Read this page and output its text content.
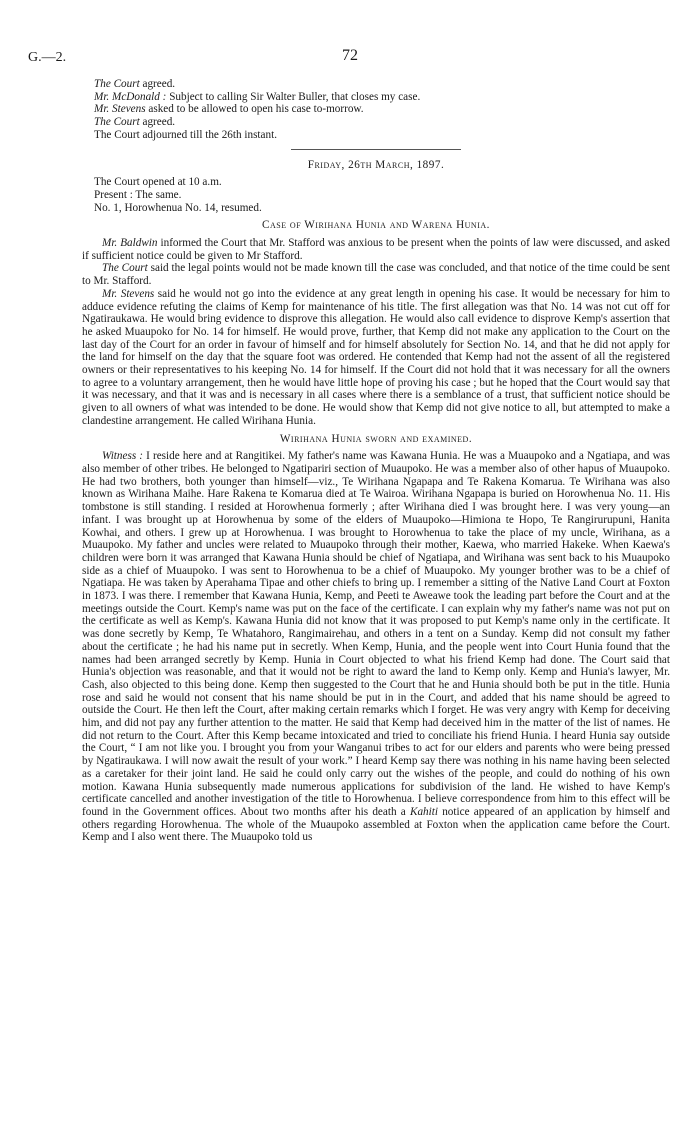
G.—2.	72

The Court agreed.

Mr. McDonald : Subject to calling Sir Walter Buller, that closes my case.

Mr. Stevens asked to be allowed to open his case to-morrow.

The Court agreed.

The Court adjourned till the 26th instant.

Friday, 26th March, 1897.

The Court opened at 10 a.m.

Present : The same.

No. 1, Horowhenua No. 14, resumed.

Case of Wirihana Hunia and Warena Hunia.

Mr. Baldwin informed the Court that Mr. Stafford was anxious to be present when the points of law were discussed, and asked if sufficient notice could be given to Mr Stafford.

The Court said the legal points would not be made known till the case was concluded, and that notice of the time could be sent to Mr. Stafford.

Mr. Stevens said he would not go into the evidence at any great length in opening his case. It would be necessary for him to adduce evidence refuting the claims of Kemp for maintenance of his title. The first allegation was that No. 14 was not cut off for Ngatiraukawa. He would bring evidence to disprove this allegation. He would also call evidence to disprove Kemp's assertion that he asked Muaupoko for No. 14 for himself. He would prove, further, that Kemp did not make any application to the Court on the last day of the Court for an order in favour of himself and for himself absolutely for Section No. 14, and that he did not apply for the land for himself on the day that the square foot was ordered. He contended that Kemp had not the assent of all the registered owners or their representatives to his keeping No. 14 for himself. If the Court did not hold that it was necessary for all the owners to agree to a voluntary arrangement, then he would have little hope of proving his case ; but he hoped that the Court would say that it was necessary, and that it was and is necessary in all cases where there is a semblance of a trust, that sufficient notice should be given to all owners of what was intended to be done. He would show that Kemp did not give notice to all, but attempted to make a clandestine arrangement. He called Wirihana Hunia.

Wirihana Hunia sworn and examined.

Witness : I reside here and at Rangitikei. My father's name was Kawana Hunia. He was a Muaupoko and a Ngatiapa, and was also member of other tribes. He belonged to Ngatipariri section of Muaupoko. He was a member also of other hapus of Muaupoko. He had two brothers, both younger than himself—viz., Te Wirihana Ngapapa and Te Rakena Komarua. Te Wirihana was also known as Wirihana Maihe. Hare Rakena te Komarua died at Te Wairoa. Wirihana Ngapapa is buried on Horowhenua No. 11. His tombstone is still standing. I resided at Horowhenua formerly ; after Wirihana died I was brought here. I was very young—an infant. I was brought up at Horowhenua by some of the elders of Muaupoko—Himiona te Hopo, Te Rangirurupuni, Hanita Kowhai, and others. I grew up at Horowhenua. I was brought to Horowhenua to take the place of my uncle, Wirihana, as a Muaupoko. My father and uncles were related to Muaupoko through their mother, Kaewa, who married Hakeke. When Kaewa's children were born it was arranged that Kawana Hunia should be chief of Ngatiapa, and Wirihana was sent back to his Muaupoko side as a chief of Muaupoko. I was sent to Horowhenua to be a chief of Muaupoko. My younger brother was to be a chief of Ngatiapa. He was taken by Aperahama Tipae and other chiefs to bring up. I remember a sitting of the Native Land Court at Foxton in 1873. I was there. I remember that Kawana Hunia, Kemp, and Peeti te Aweawe took the leading part before the Court and at the meetings outside the Court. Kemp's name was put on the face of the certificate. I can explain why my father's name was not put on the certificate as well as Kemp's. Kawana Hunia did not know that it was proposed to put Kemp's name only in the certificate. It was done secretly by Kemp, Te Whatahoro, Rangimairehau, and others in a tent on a Sunday. Kemp did not consult my father about the certificate ; he had his name put in secretly. When Kemp, Hunia, and the people went into Court Hunia found that the names had been arranged secretly by Kemp. Hunia in Court objected to what his friend Kemp had done. The Court said that Hunia's objection was reasonable, and that it would not be right to award the land to Kemp only. Kemp and Hunia's lawyer, Mr. Cash, also objected to this being done. Kemp then suggested to the Court that he and Hunia should both be put in the title. Hunia rose and said he would not consent that his name should be put in in the Court, and added that his name should be agreed to outside the Court. He then left the Court, after making certain remarks which I forget. He was very angry with Kemp for deceiving him, and did not pay any further attention to the matter. He said that Kemp had deceived him in the matter of the list of names. He did not return to the Court. After this Kemp became intoxicated and tried to conciliate his friend Hunia. I heard Hunia say outside the Court, “ I am not like you. I brought you from your Wanganui tribes to act for our elders and parents who were being pressed by Ngatiraukawa. I will now await the result of your work.” I heard Kemp say there was nothing in his name having been selected as a caretaker for their joint land. He said he could only carry out the wishes of the people, and could do nothing of his own motion. Kawana Hunia subsequently made numerous applications for subdivision of the land. He wished to have Kemp's certificate cancelled and another investigation of the title to Horowhenua. I believe correspondence from him to this effect will be found in the Government offices. About two months after his death a Kahiti notice appeared of an application by himself and others regarding Horowhenua. The whole of the Muaupoko assembled at Foxton when the application came before the Court. Kemp and I also went there. The Muaupoko told us
